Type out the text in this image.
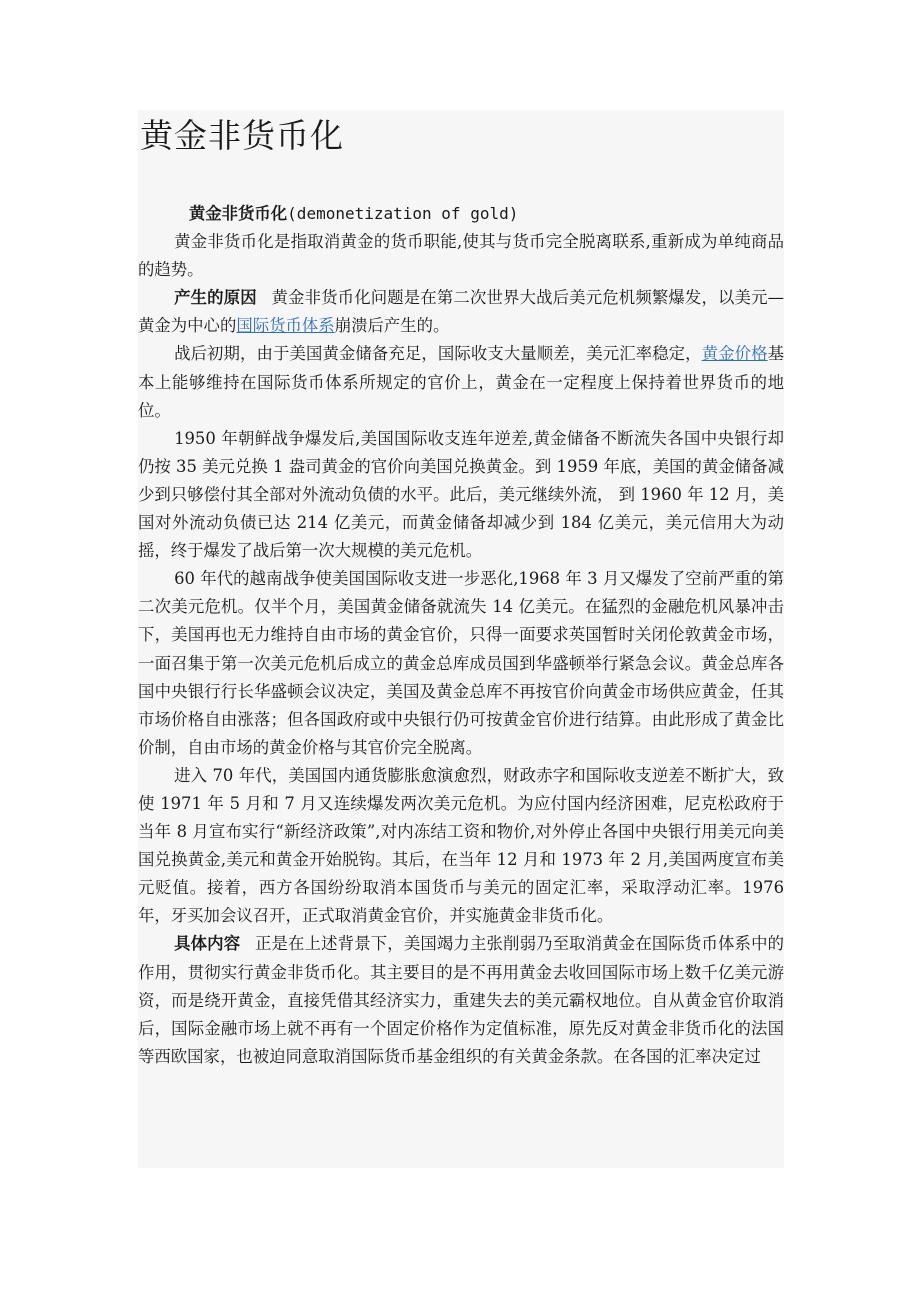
黄金非货币化

黄金非货币化(demonetization of gold)

黄金非货币化是指取消黄金的货币职能,使其与货币完全脱离联系,重新成为单纯商品的趋势。

产生的原因 黄金非货币化问题是在第二次世界大战后美元危机频繁爆发，以美元—黄金为中心的国际货币体系崩溃后产生的。

战后初期，由于美国黄金储备充足，国际收支大量顺差，美元汇率稳定，黄金价格基本上能够维持在国际货币体系所规定的官价上，黄金在一定程度上保持着世界货币的地位。

1950 年朝鲜战争爆发后,美国国际收支连年逆差,黄金储备不断流失各国中央银行却仍按 35 美元兑换 1 盎司黄金的官价向美国兑换黄金。到 1959 年底，美国的黄金储备减少到只够偿付其全部对外流动负债的水平。此后，美元继续外流， 到 1960 年 12 月，美国对外流动负债已达 214 亿美元，而黄金储备却减少到 184 亿美元，美元信用大为动摇，终于爆发了战后第一次大规模的美元危机。

60 年代的越南战争使美国国际收支进一步恶化,1968 年 3 月又爆发了空前严重的第二次美元危机。仅半个月，美国黄金储备就流失 14 亿美元。在猛烈的金融危机风暴冲击下，美国再也无力维持自由市场的黄金官价，只得一面要求英国暂时关闭伦敦黄金市场，一面召集于第一次美元危机后成立的黄金总库成员国到华盛顿举行紧急会议。黄金总库各国中央银行行长华盛顿会议决定，美国及黄金总库不再按官价向黄金市场供应黄金，任其市场价格自由涨落；但各国政府或中央银行仍可按黄金官价进行结算。由此形成了黄金比价制，自由市场的黄金价格与其官价完全脱离。

进入 70 年代，美国国内通货膨胀愈演愈烈，财政赤字和国际收支逆差不断扩大，致使 1971 年 5 月和 7 月又连续爆发两次美元危机。为应付国内经济困难，尼克松政府于当年 8 月宣布实行“新经济政策”,对内冻结工资和物价,对外停止各国中央银行用美元向美国兑换黄金,美元和黄金开始脱钩。其后，在当年 12 月和 1973 年 2 月,美国两度宣布美元贬值。接着，西方各国纷纷取消本国货币与美元的固定汇率，采取浮动汇率。1976 年，牙买加会议召开，正式取消黄金官价，并实施黄金非货币化。

具体内容 正是在上述背景下，美国竭力主张削弱乃至取消黄金在国际货币体系中的作用，贯彻实行黄金非货币化。其主要目的是不再用黄金去收回国际市场上数千亿美元游资，而是绕开黄金，直接凭借其经济实力，重建失去的美元霸权地位。自从黄金官价取消后，国际金融市场上就不再有一个固定价格作为定值标准，原先反对黄金非货币化的法国等西欧国家，也被迫同意取消国际货币基金组织的有关黄金条款。在各国的汇率决定过
